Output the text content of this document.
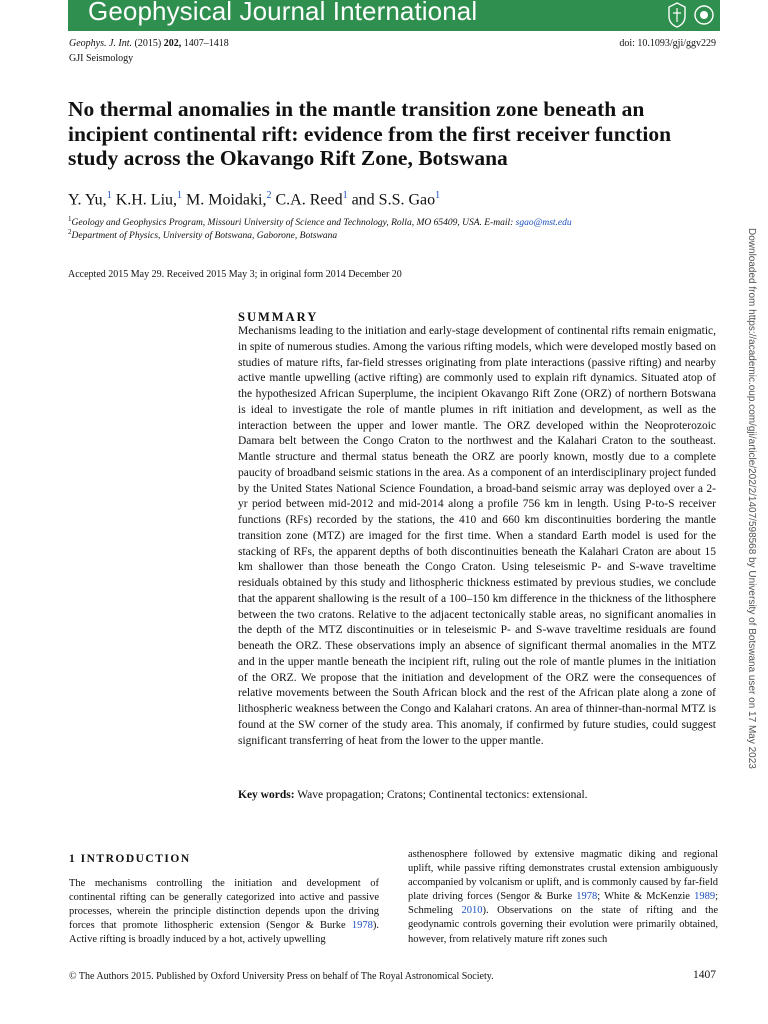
Geophysical Journal International
Geophys. J. Int. (2015) 202, 1407–1418
GJI Seismology
doi: 10.1093/gji/ggv229
No thermal anomalies in the mantle transition zone beneath an incipient continental rift: evidence from the first receiver function study across the Okavango Rift Zone, Botswana
Y. Yu,$^1$ K.H. Liu,$^1$ M. Moidaki,$^2$ C.A. Reed$^1$ and S.S. Gao$^1$
$^1$Geology and Geophysics Program, Missouri University of Science and Technology, Rolla, MO 65409, USA. E-mail: sgao@mst.edu
$^2$Department of Physics, University of Botswana, Gaborone, Botswana
Accepted 2015 May 29. Received 2015 May 3; in original form 2014 December 20
SUMMARY

Mechanisms leading to the initiation and early-stage development of continental rifts remain enigmatic, in spite of numerous studies. Among the various rifting models, which were developed mostly based on studies of mature rifts, far-field stresses originating from plate interactions (passive rifting) and nearby active mantle upwelling (active rifting) are commonly used to explain rift dynamics. Situated atop of the hypothesized African Superplume, the incipient Okavango Rift Zone (ORZ) of northern Botswana is ideal to investigate the role of mantle plumes in rift initiation and development, as well as the interaction between the upper and lower mantle. The ORZ developed within the Neoproterozoic Damara belt between the Congo Craton to the northwest and the Kalahari Craton to the southeast. Mantle structure and thermal status beneath the ORZ are poorly known, mostly due to a complete paucity of broadband seismic stations in the area. As a component of an interdisciplinary project funded by the United States National Science Foundation, a broad-band seismic array was deployed over a 2-yr period between mid-2012 and mid-2014 along a profile 756 km in length. Using P-to-S receiver functions (RFs) recorded by the stations, the 410 and 660 km discontinuities bordering the mantle transition zone (MTZ) are imaged for the first time. When a standard Earth model is used for the stacking of RFs, the apparent depths of both discontinuities beneath the Kalahari Craton are about 15 km shallower than those beneath the Congo Craton. Using teleseismic P- and S-wave traveltime residuals obtained by this study and lithospheric thickness estimated by previous studies, we conclude that the apparent shallowing is the result of a 100–150 km difference in the thickness of the lithosphere between the two cratons. Relative to the adjacent tectonically stable areas, no significant anomalies in the depth of the MTZ discontinuities or in teleseismic P- and S-wave traveltime residuals are found beneath the ORZ. These observations imply an absence of significant thermal anomalies in the MTZ and in the upper mantle beneath the incipient rift, ruling out the role of mantle plumes in the initiation of the ORZ. We propose that the initiation and development of the ORZ were the consequences of relative movements between the South African block and the rest of the African plate along a zone of lithospheric weakness between the Congo and Kalahari cratons. An area of thinner-than-normal MTZ is found at the SW corner of the study area. This anomaly, if confirmed by future studies, could suggest significant transferring of heat from the lower to the upper mantle.

Key words: Wave propagation; Cratons; Continental tectonics: extensional.
1 INTRODUCTION

The mechanisms controlling the initiation and development of continental rifting can be generally categorized into active and passive processes, wherein the principle distinction depends upon the driving forces that promote lithospheric extension (Sengor & Burke 1978). Active rifting is broadly induced by a hot, actively upwelling

asthenosphere followed by extensive magmatic diking and regional uplift, while passive rifting demonstrates crustal extension ambiguously accompanied by volcanism or uplift, and is commonly caused by far-field plate driving forces (Sengor & Burke 1978; White & McKenzie 1989; Schmeling 2010). Observations on the state of rifting and the geodynamic controls governing their evolution were primarily obtained, however, from relatively mature rift zones such

© The Authors 2015. Published by Oxford University Press on behalf of The Royal Astronomical Society.	1407
Downloaded from https://academic.oup.com/gji/article/202/2/1407/598568 by University of Botswana user on 17 May 2023
